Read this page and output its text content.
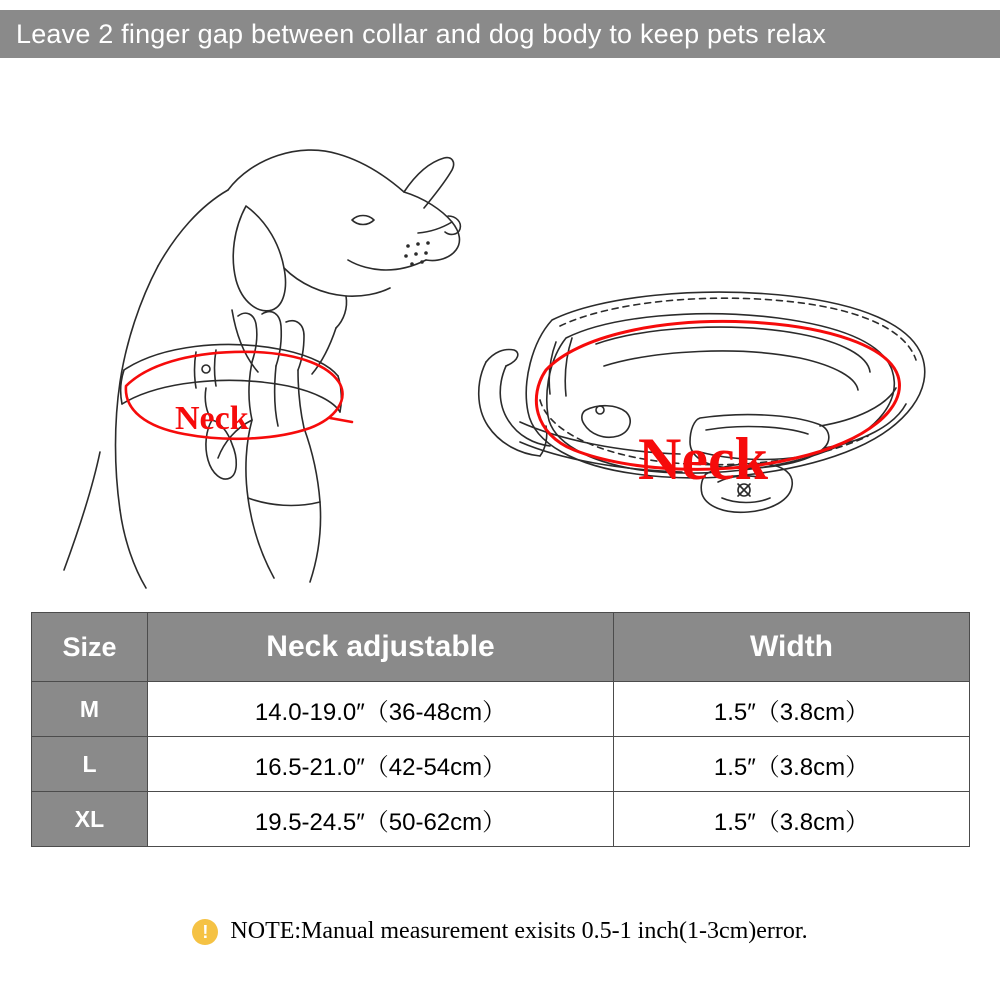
Leave 2 finger gap between collar and dog body to keep pets relax
Neck
Neck
Size	Neck adjustable	Width
M	14.0-19.0″（36-48cm）	1.5″（3.8cm）
L	16.5-21.0″（42-54cm）	1.5″（3.8cm）
XL	19.5-24.5″（50-62cm）	1.5″（3.8cm）
! NOTE:Manual measurement exisits 0.5-1 inch(1-3cm)error.
